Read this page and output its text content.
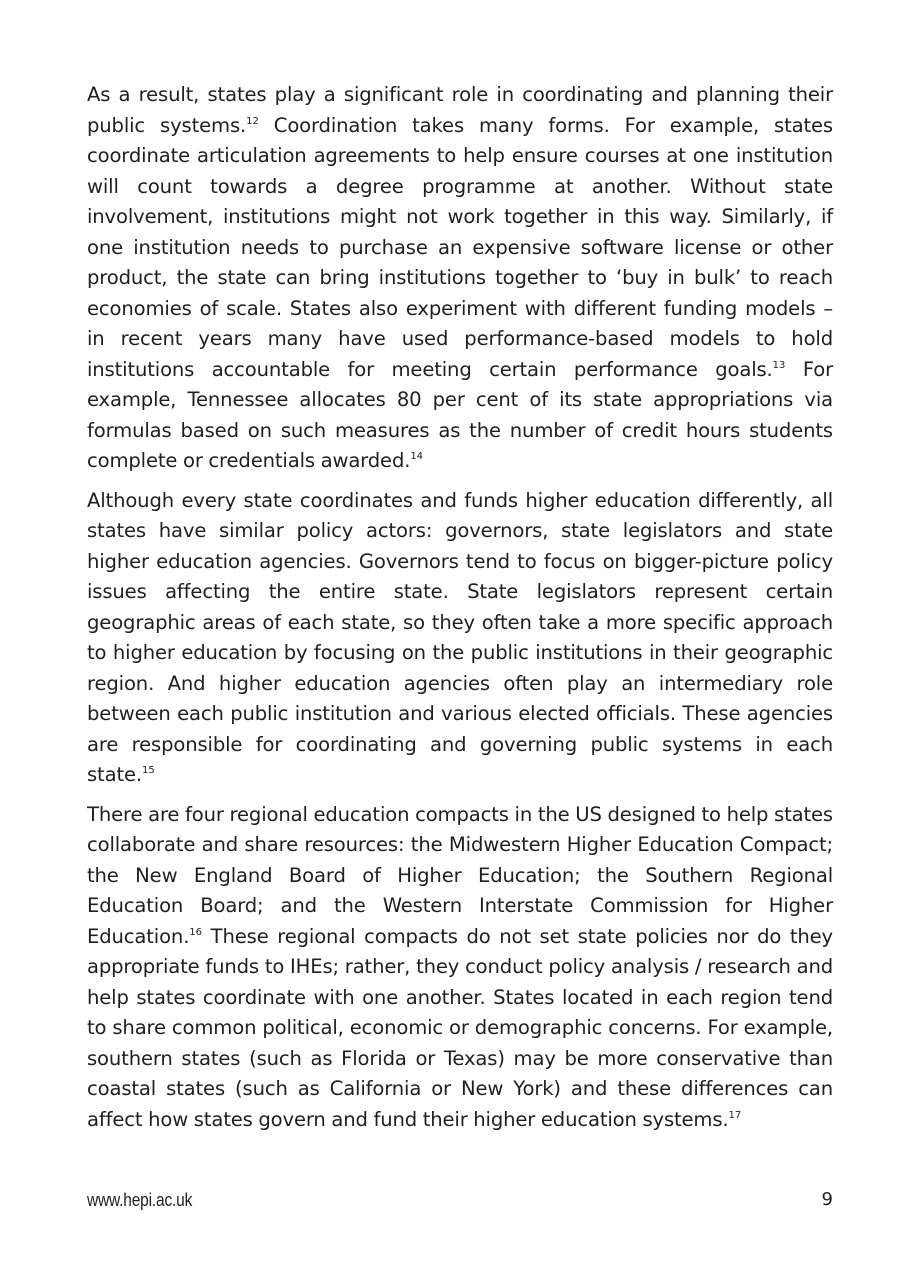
As a result, states play a significant role in coordinating and planning their public systems.$^{12}$ Coordination takes many forms. For example, states coordinate articulation agreements to help ensure courses at one institution will count towards a degree programme at another. Without state involvement, institutions might not work together in this way. Similarly, if one institution needs to purchase an expensive software license or other product, the state can bring institutions together to ‘buy in bulk’ to reach economies of scale. States also experiment with different funding models – in recent years many have used performance-based models to hold institutions accountable for meeting certain performance goals.$^{13}$ For example, Tennessee allocates 80 per cent of its state appropriations via formulas based on such measures as the number of credit hours students complete or credentials awarded.$^{14}$

Although every state coordinates and funds higher education differently, all states have similar policy actors: governors, state legislators and state higher education agencies. Governors tend to focus on bigger-picture policy issues affecting the entire state. State legislators represent certain geographic areas of each state, so they often take a more specific approach to higher education by focusing on the public institutions in their geographic region. And higher education agencies often play an intermediary role between each public institution and various elected officials. These agencies are responsible for coordinating and governing public systems in each state.$^{15}$

There are four regional education compacts in the US designed to help states collaborate and share resources: the Midwestern Higher Education Compact; the New England Board of Higher Education; the Southern Regional Education Board; and the Western Interstate Commission for Higher Education.$^{16}$ These regional compacts do not set state policies nor do they appropriate funds to IHEs; rather, they conduct policy analysis / research and help states coordinate with one another. States located in each region tend to share common political, economic or demographic concerns. For example, southern states (such as Florida or Texas) may be more conservative than coastal states (such as California or New York) and these differences can affect how states govern and fund their higher education systems.$^{17}$

www.hepi.ac.uk	9
